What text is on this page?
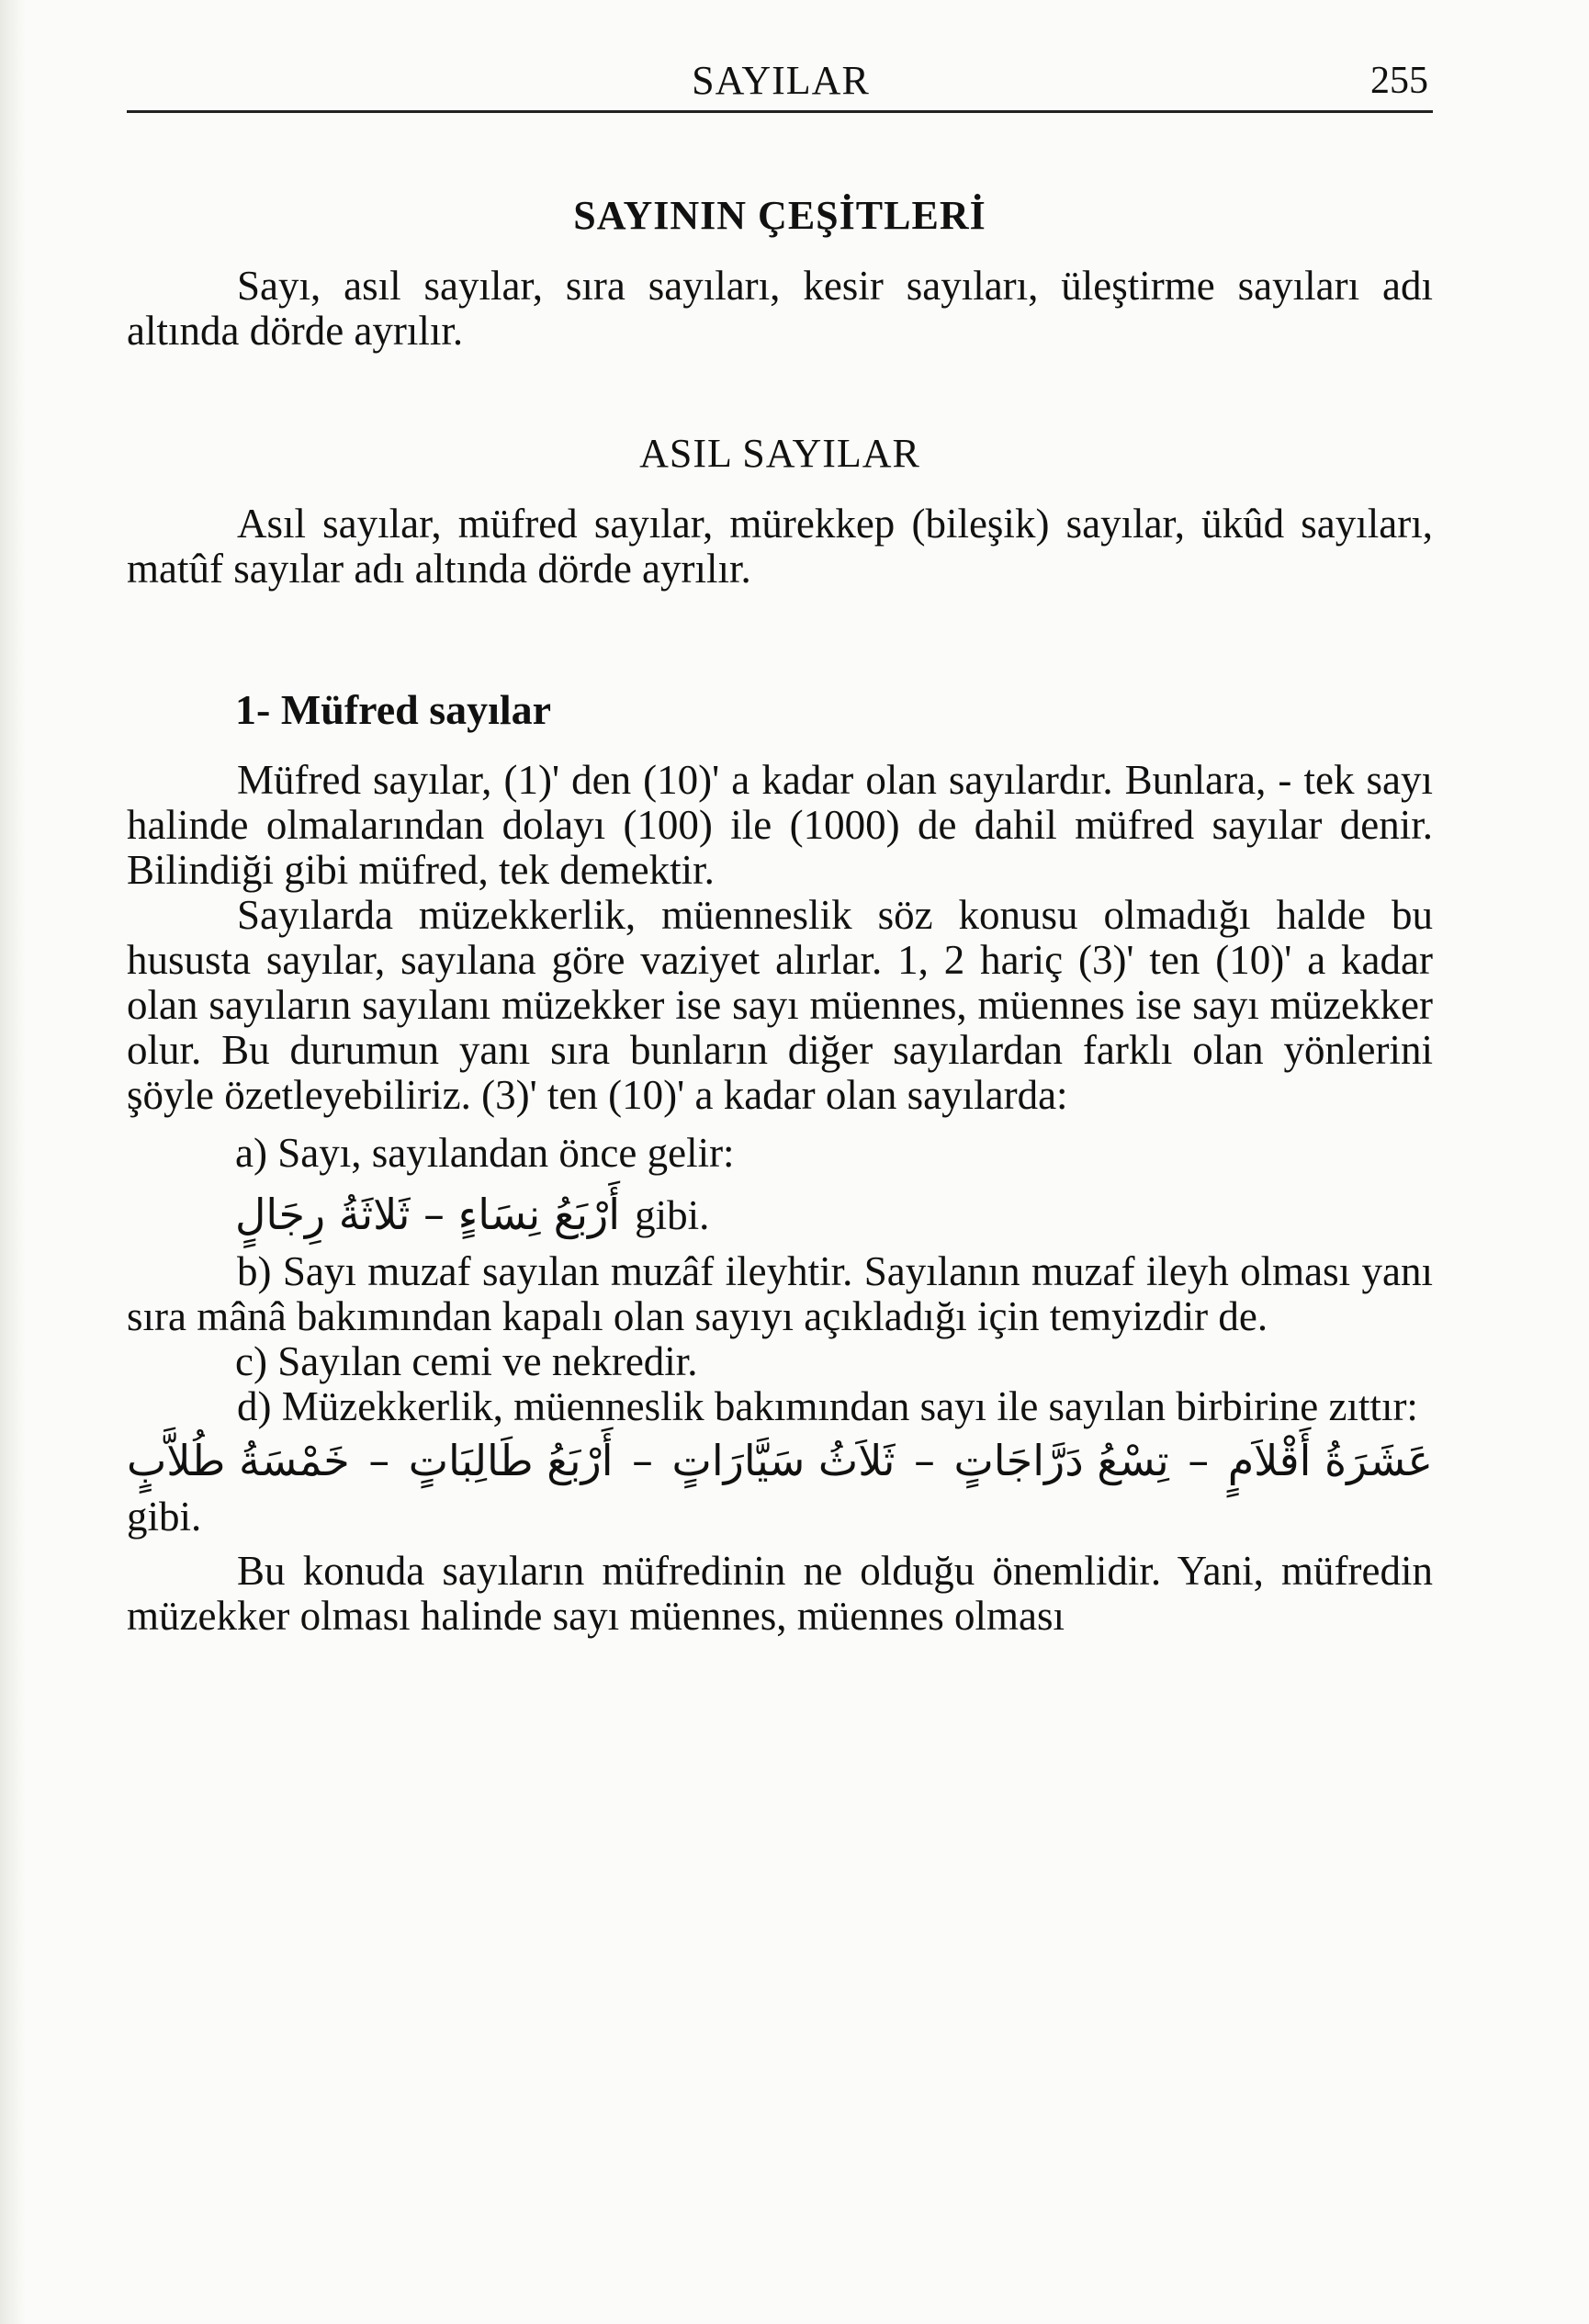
SAYILAR	255
SAYININ ÇEŞİTLERİ

Sayı, asıl sayılar, sıra sayıları, kesir sayıları, üleştirme sayıları adı altında dörde ayrılır.

ASIL SAYILAR

Asıl sayılar, müfred sayılar, mürekkep (bileşik) sayılar, ükûd sayıları, matûf sayılar adı altında dörde ayrılır.

1- Müfred sayılar

Müfred sayılar, (1)' den (10)' a kadar olan sayılardır. Bunlara, - tek sayı halinde olmalarından dolayı (100) ile (1000) de dahil müfred sayılar denir. Bilindiği gibi müfred, tek demektir.

Sayılarda müzekkerlik, müenneslik söz konusu olmadığı halde bu hususta sayılar, sayılana göre vaziyet alırlar. 1, 2 hariç (3)' ten (10)' a kadar olan sayıların sayılanı müzekker ise sayı müennes, müennes ise sayı müzekker olur. Bu durumun yanı sıra bunların diğer sayılardan farklı olan yönlerini şöyle özetleyebiliriz. (3)' ten (10)' a kadar olan sayılarda:

a) Sayı, sayılandan önce gelir:
أَرْبَعُ نِسَاءٍ – ثَلاثَةُ رِجَالٍ gibi.

b) Sayı muzaf sayılan muzâf ileyhtir. Sayılanın muzaf ileyh olması yanı sıra mânâ bakımından kapalı olan sayıyı açıkladığı için temyizdir de.

c) Sayılan cemi ve nekredir.

d) Müzekkerlik, müenneslik bakımından sayı ile sayılan birbirine zıttır:

عَشَرَةُ أَقْلاَمٍ
–
تِسْعُ دَرَّاجَاتٍ
–
ثَلاَثُ سَيَّارَاتٍ
–
أَرْبَعُ طَالِبَاتٍ
–
خَمْسَةُ طُلاَّبٍ
gibi.

Bu konuda sayıların müfredinin ne olduğu önemlidir. Yani, müfredin müzekker olması halinde sayı müennes, müennes olması
